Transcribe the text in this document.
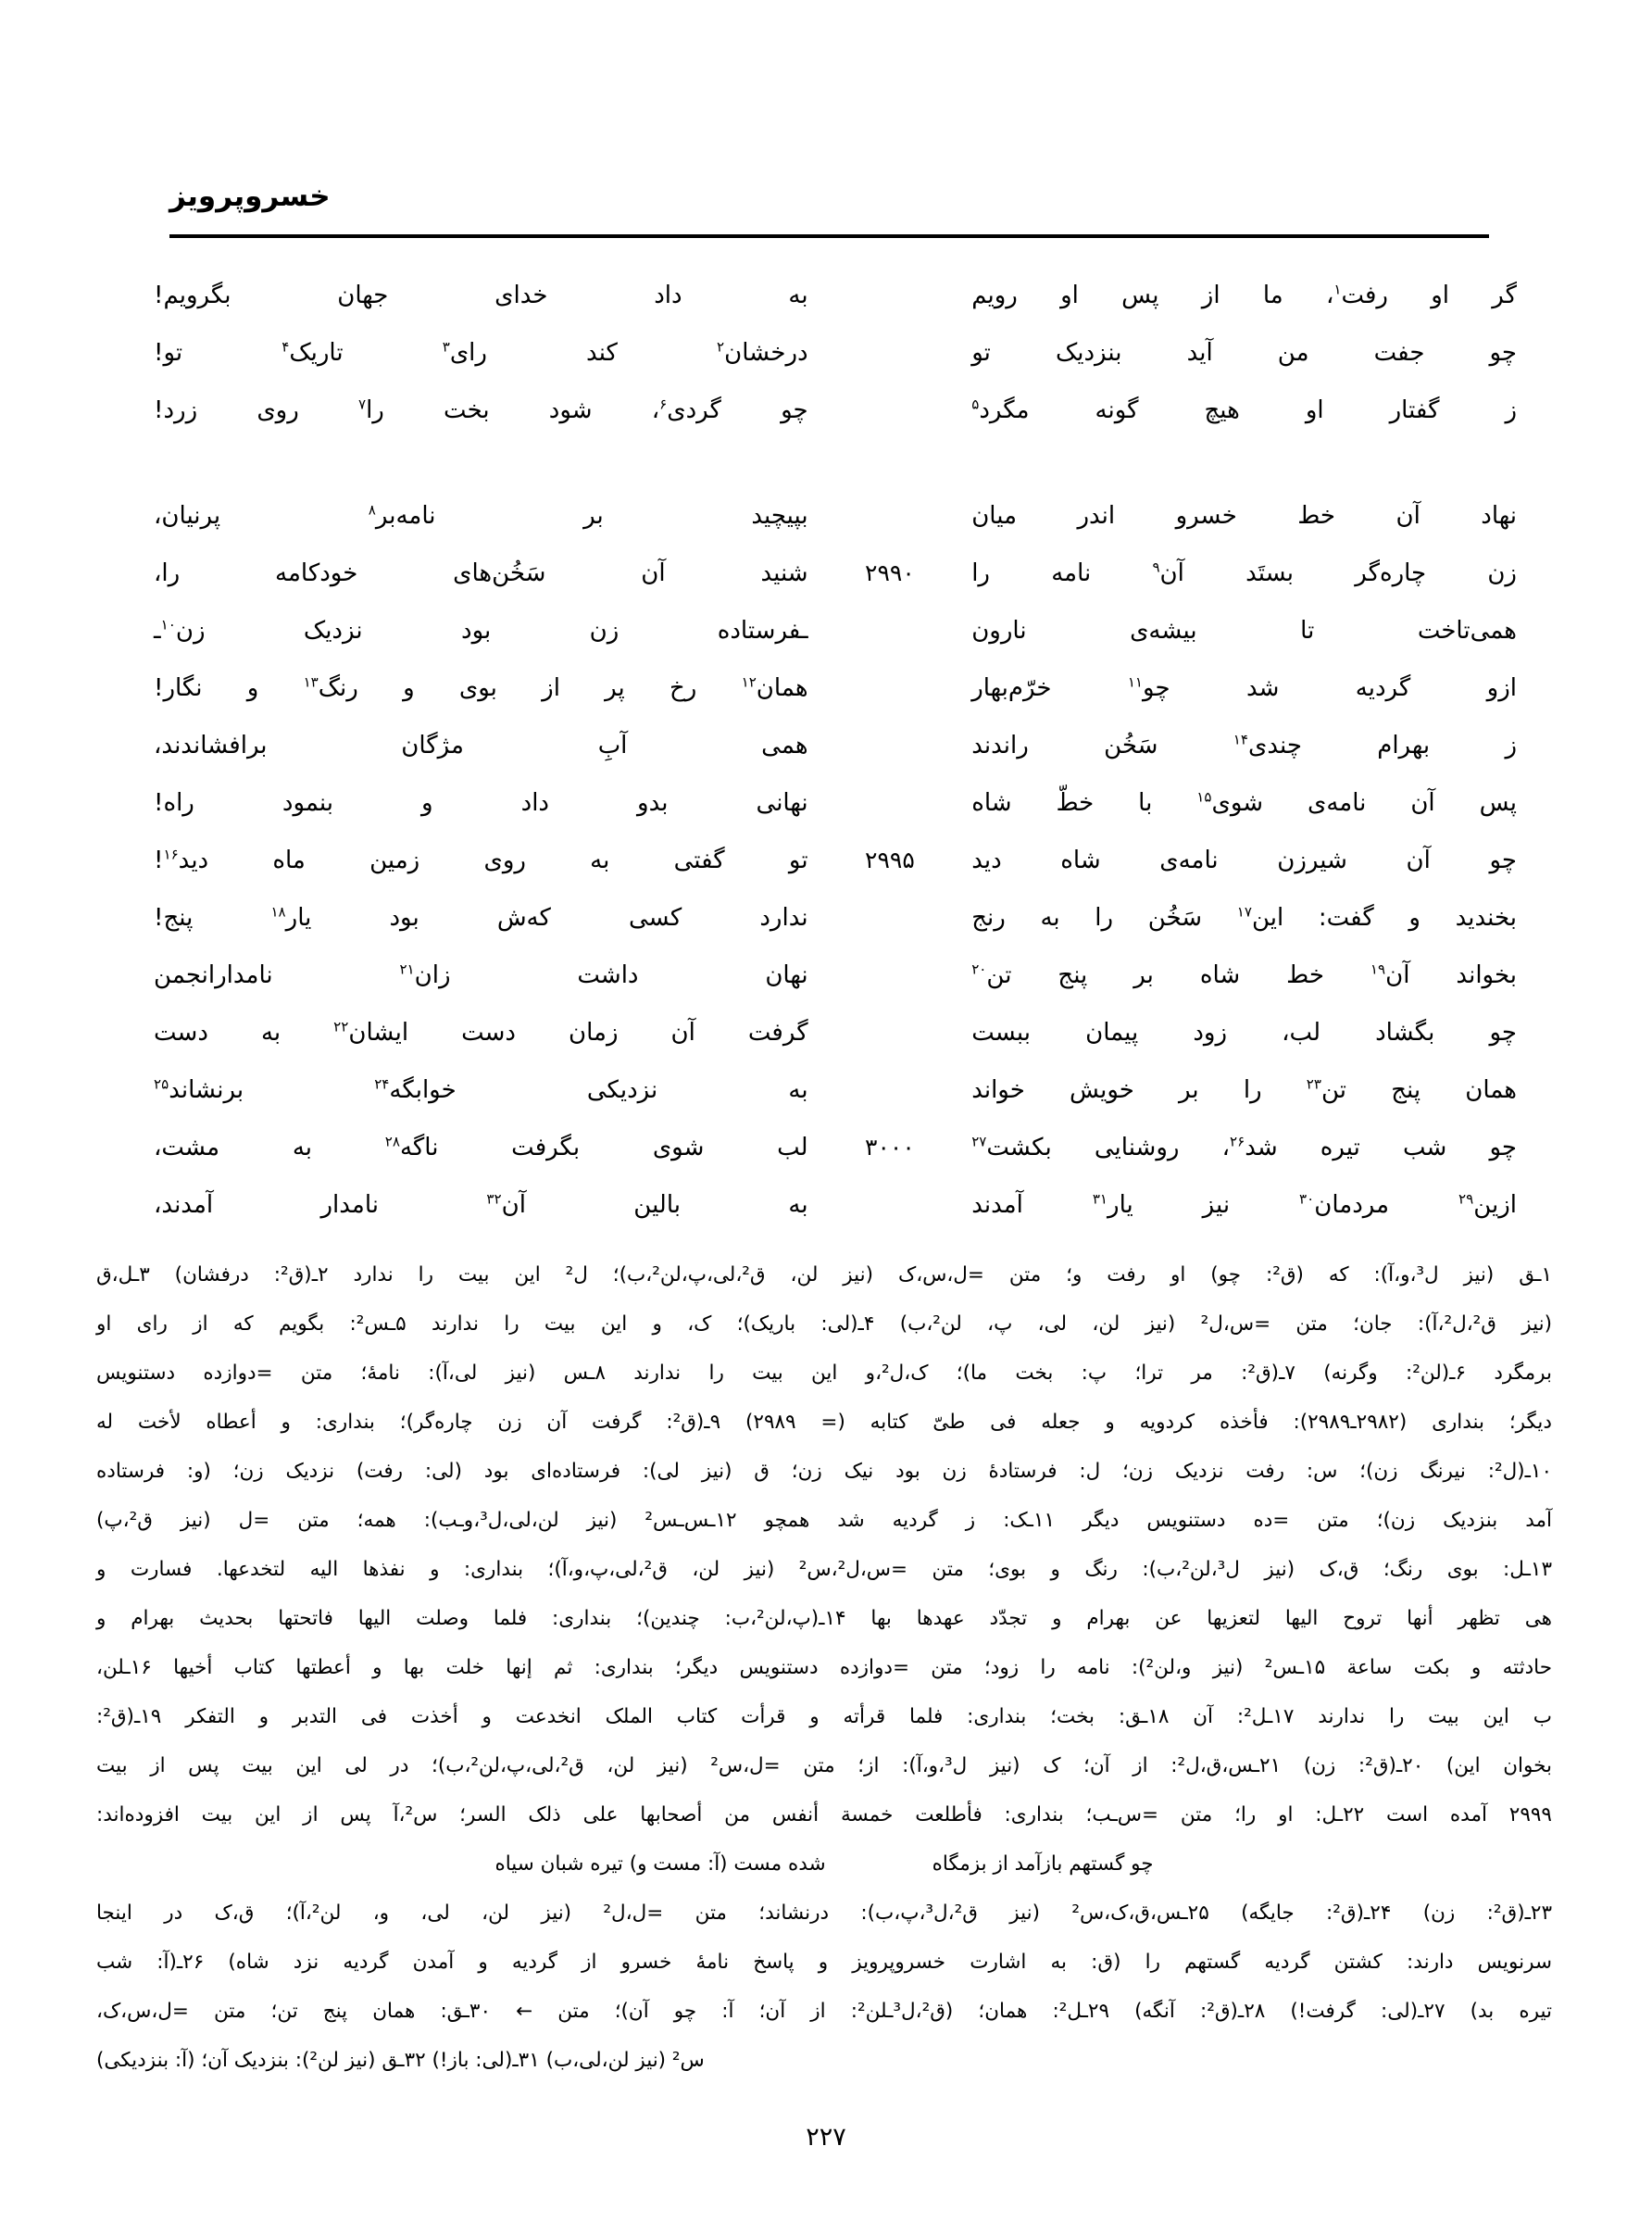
خسروپرویز
گر او رفت$^۱$، ما از پس او رویم
به داد خدای جهان بگرویم!
چو جفت من آید بنزدیک تو
درخشان$^۲$ کند رای$^۳$ تاریک$^۴$ تو!
ز گفتار او هیچ گونه مگرد$^۵$
چو گردی$^۶$، شود بخت را$^۷$ روی زرد!
نهاد آن خط خسرو اندر میان
بپیچید بر نامه‌بر$^۸$ پرنیان،
زن چاره‌گر بستَد آن$^۹$ نامه را
۲۹۹۰
شنید آن سَخُن‌های خودکامه را،
همی‌تاخت تا بیشه‌ی نارون
ـفرستاده زن بود نزدیک زن$^{۱۰}$ـ
ازو گردیه شد چو$^{۱۱}$ خرّم‌بهار
همان$^{۱۲}$ رخ پر از بوی و رنگ$^{۱۳}$ و نگار!
ز بهرام چندی$^{۱۴}$ سَخُن راندند
همی آبِ مژگان برافشاندند،
پس آن نامه‌ی شوی$^{۱۵}$ با خطّ شاه
نهانی بدو داد و بنمود راه!
چو آن شیرزن نامه‌ی شاه دید
۲۹۹۵
تو گفتی به روی زمین ماه دید$^{۱۶}$!
بخندید و گفت: این$^{۱۷}$ سَخُن را به رنج
ندارد کسی که‌ش بود یار$^{۱۸}$ پنج!
بخواند آن$^{۱۹}$ خط شاه بر پنج تن$^{۲۰}$
نهان داشت زان$^{۲۱}$ نامدارانجمن
چو بگشاد لب، زود پیمان ببست
گرفت آن زمان دست ایشان$^{۲۲}$ به دست
همان پنج تن$^{۲۳}$ را بر خویش خواند
به نزدیکی خوابگه$^{۲۴}$ برنشاند$^{۲۵}$
چو شب تیره شد$^{۲۶}$، روشنایی بکشت$^{۲۷}$
۳۰۰۰
لب شوی بگرفت ناگه$^{۲۸}$ به مشت،
ازین$^{۲۹}$ مردمان$^{۳۰}$ نیز یار$^{۳۱}$ آمدند
به بالین آن$^{۳۲}$ نامدار آمدند،

۱ـق (نیز ل³،و،آ): که (ق²: چو) او رفت و؛ متن =ل،س،ک (نیز لن، ق²،لی،پ،لن²،ب)؛ ل² این بیت را ندارد ۲ـ(ق²: درفشان) ۳ـل،ق

(نیز ق²،ل²،آ): جان؛ متن =س،ل² (نیز لن، لی، پ، لن²،ب) ۴ـ(لی: باریک)؛ ک، و این بیت را ندارند ۵ـس²: بگویم که از رای او

برمگرد ۶ـ(لن²: وگرنه) ۷ـ(ق²: مر ترا؛ پ: بخت ما)؛ ک،ل²،و این بیت را ندارند ۸ـس (نیز لی،آ): نامهٔ؛ متن =دوازده دستنویس

دیگر؛ بنداری (۲۹۸۲ـ۲۹۸۹): فأخذه کردویه و جعله فی طیّ کتابه (= ۲۹۸۹) ۹ـ(ق²: گرفت آن زن چاره‌گر)؛ بنداری: و أعطاه لأخت له

۱۰ـ(ل²: نیرنگ زن)؛ س: رفت نزدیک زن؛ ل: فرستادهٔ زن بود نیک زن؛ ق (نیز لی): فرستاده‌ای بود (لی: رفت) نزدیک زن؛ (و: فرستاده

آمد بنزدیک زن)؛ متن =ده دستنویس دیگر ۱۱ـک: ز گردیه شد همچو ۱۲ـس‌ـس² (نیز لن،لی،ل³،وـب): همه؛ متن =ل (نیز ق²،پ)

۱۳ـل: بوی رنگ؛ ق،ک (نیز ل³،لن²،ب): رنگ و بوی؛ متن =س،ل²،س² (نیز لن، ق²،لی،پ،و،آ)؛ بنداری: و نفذها الیه لتخدعها. فسارت و

هی تظهر أنها تروح الیها لتعزیها عن بهرام و تجدّد عهدها بها ۱۴ـ(پ،لن²،ب: چندین)؛ بنداری: فلما وصلت الیها فاتحتها بحدیث بهرام و

حادثته و بکت ساعة ۱۵ـس² (نیز و،لن²): نامه را زود؛ متن =دوازده دستنویس دیگر؛ بنداری: ثم إنها خلت بها و أعطتها کتاب أخیها ۱۶ـلن،

ب این بیت را ندارند ۱۷ـل²: آن ۱۸ـق: بخت؛ بنداری: فلما قرأته و قرأت کتاب الملک انخدعت و أخذت فی التدبر و التفکر ۱۹ـ(ق²:

بخوان این) ۲۰ـ(ق²: زن) ۲۱ـس،ق،ل²: از آن؛ ک (نیز ل³،و،آ): از؛ متن =ل،س² (نیز لن، ق²،لی،پ،لن²،ب)؛ در لی این بیت پس از بیت

۲۹۹۹ آمده است ۲۲ـل: او را؛ متن =س‌ـب؛ بنداری: فأطلعت خمسة أنفس من أصحابها علی ذلک السر؛ س²،آ پس از این بیت افزوده‌اند:

چو گستهم بازآمد از بزمگاه
شده مست (آ: مست و) تیره شبان سیاه

۲۳ـ(ق²: زن) ۲۴ـ(ق²: جایگه) ۲۵ـس،ق،ک،س² (نیز ق²،ل³،پ،ب): درنشاند؛ متن =ل،ل² (نیز لن، لی، و، لن²،آ)؛ ق،ک در اینجا

سرنویس دارند: کشتن گردیه گستهم را (ق: به اشارت خسروپرویز و پاسخ نامهٔ خسرو از گردیه و آمدن گردیه نزد شاه) ۲۶ـ(آ: شب

تیره بد) ۲۷ـ(لی: گرفت!) ۲۸ـ(ق²: آنگه) ۲۹ـل²: همان؛ (ق²،ل³ـلن²: از آن؛ آ: چو آن)؛ متن ← ۳۰ـق: همان پنج تن؛ متن =ل،س،ک،

س² (نیز لن،لی،ب) ۳۱ـ(لی: باز!) ۳۲ـق (نیز لن²): بنزدیک آن؛ (آ: بنزدیکی)

۲۲۷
